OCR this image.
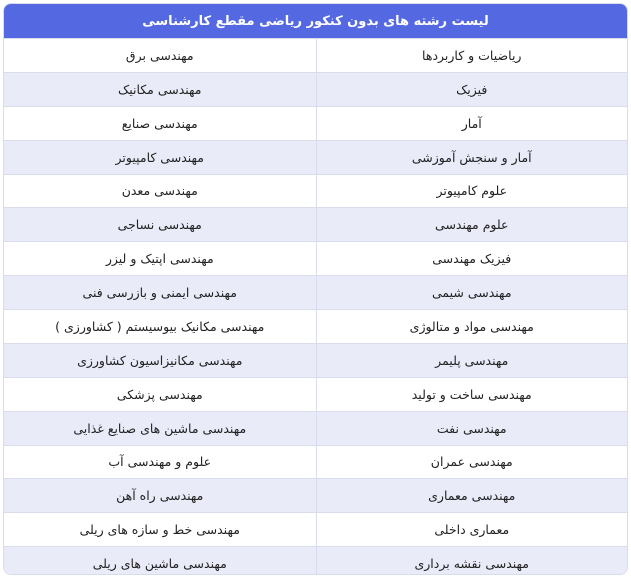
لیست رشته های بدون کنکور ریاضی مقطع کارشناسی
ریاضیات و کاربردها
مهندسی برق
فیزیک
مهندسی مکانیک
آمار
مهندسی صنایع
آمار و سنجش آموزشی
مهندسی کامپیوتر
علوم کامپیوتر
مهندسی معدن
علوم مهندسی
مهندسی نساجی
فیزیک مهندسی
مهندسی اپتیک و لیزر
مهندسی شیمی
مهندسی ایمنی و بازرسی فنی
مهندسی مواد و متالوژی
مهندسی مکانیک بیوسیستم ( کشاورزی )
مهندسی پلیمر
مهندسی مکانیزاسیون کشاورزی
مهندسی ساخت و تولید
مهندسی پزشکی
مهندسی نفت
مهندسی ماشین های صنایع غذایی
مهندسی عمران
علوم و مهندسی آب
مهندسی معماری
مهندسی راه آهن
معماری داخلی
مهندسی خط و سازه های ریلی
مهندسی نقشه برداری
مهندسی ماشین های ریلی
